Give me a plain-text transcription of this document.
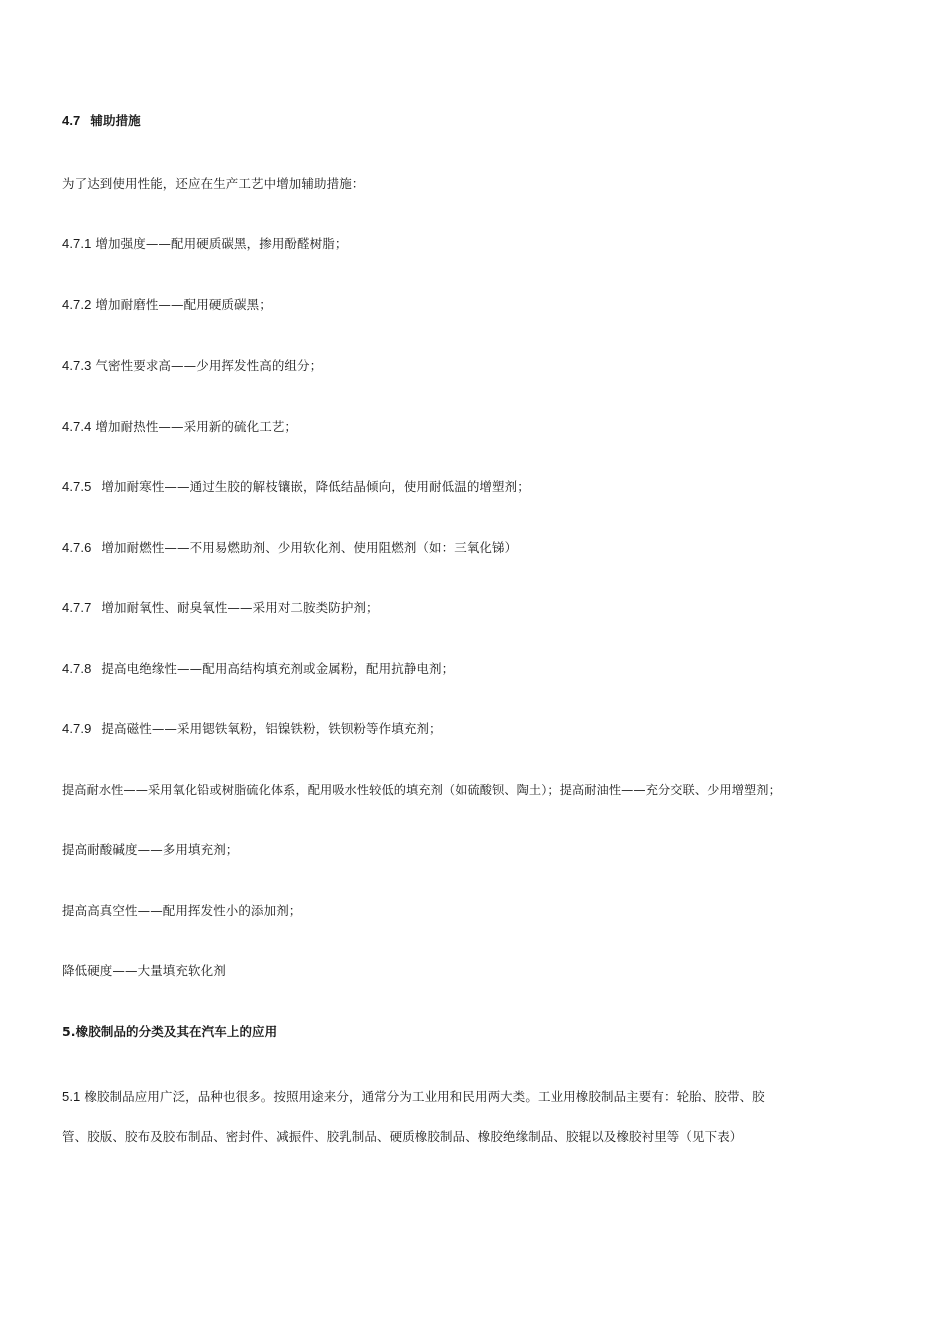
4.7 辅助措施
为了达到使用性能，还应在生产工艺中增加辅助措施：
4.7.1 增加强度——配用硬质碳黑，掺用酚醛树脂；
4.7.2 增加耐磨性——配用硬质碳黑；
4.7.3 气密性要求高——少用挥发性高的组分；
4.7.4 增加耐热性——采用新的硫化工艺；
4.7.5 增加耐寒性——通过生胶的解枝镶嵌，降低结晶倾向，使用耐低温的增塑剂；
4.7.6 增加耐燃性——不用易燃助剂、少用软化剂、使用阻燃剂（如：三氧化锑）
4.7.7 增加耐氧性、耐臭氧性——采用对二胺类防护剂；
4.7.8 提高电绝缘性——配用高结构填充剂或金属粉，配用抗静电剂；
4.7.9 提高磁性——采用锶铁氧粉，铝镍铁粉，铁钡粉等作填充剂；
提高耐水性——采用氧化铅或树脂硫化体系，配用吸水性较低的填充剂（如硫酸钡、陶土）；提高耐油性——充分交联、少用增塑剂；
提高耐酸碱度——多用填充剂；
提高高真空性——配用挥发性小的添加剂；
降低硬度——大量填充软化剂
5.橡胶制品的分类及其在汽车上的应用
5.1 橡胶制品应用广泛，品种也很多。按照用途来分，通常分为工业用和民用两大类。工业用橡胶制品主要有：轮胎、胶带、胶
管、胶版、胶布及胶布制品、密封件、减振件、胶乳制品、硬质橡胶制品、橡胶绝缘制品、胶辊以及橡胶衬里等（见下表）
